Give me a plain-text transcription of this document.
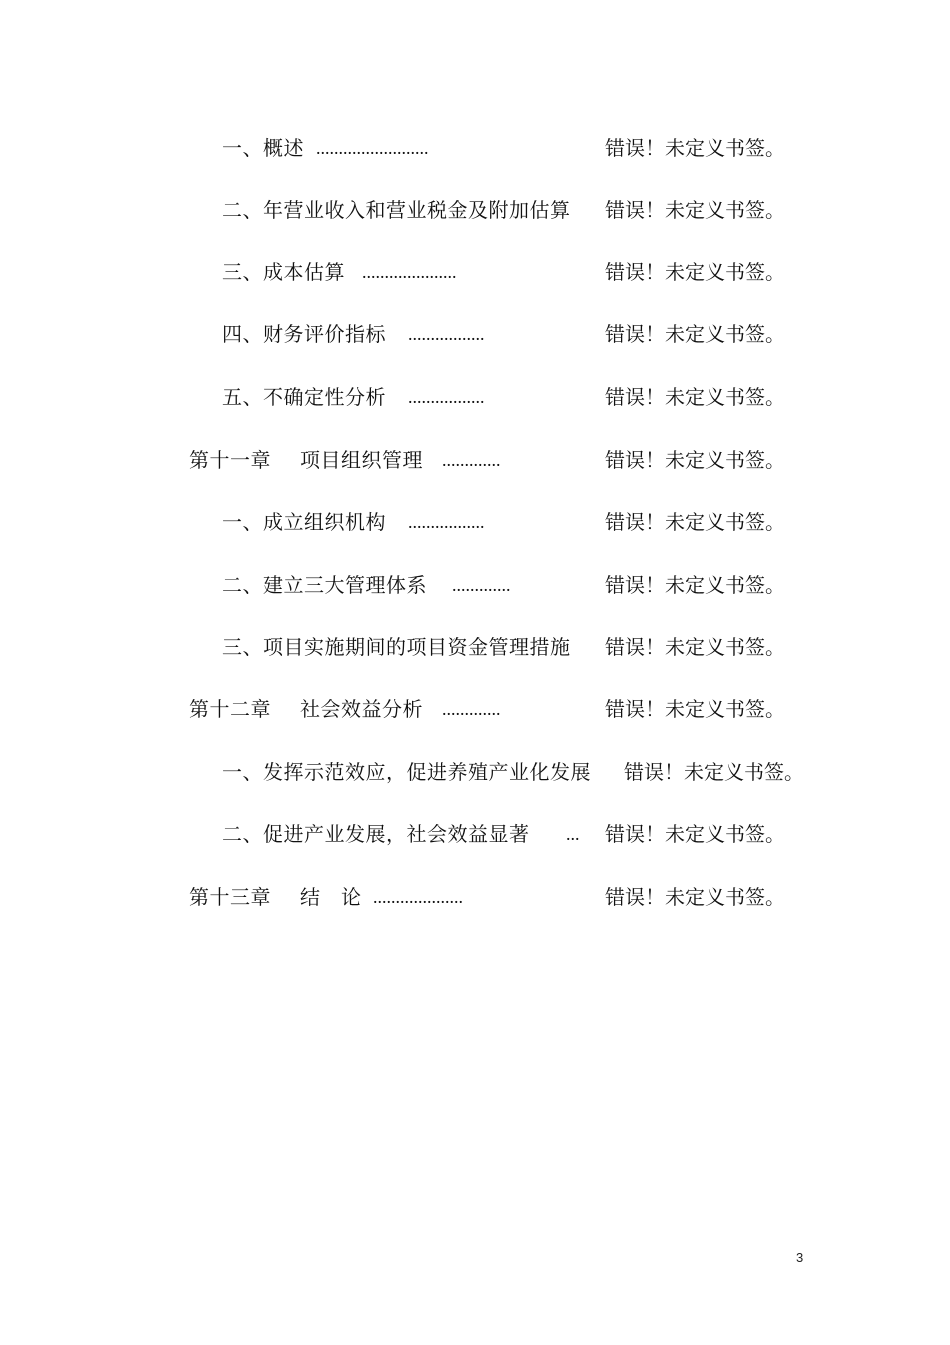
一、概述 .........................	错误！未定义书签。
二、年营业收入和营业税金及附加估算 错误！未定义书签。
三、成本估算 .....................	错误！未定义书签。
四、财务评价指标 .................	错误！未定义书签。
五、不确定性分析 .................	错误！未定义书签。
第十一章 项目组织管理 .............	错误！未定义书签。
一、成立组织机构 .................	错误！未定义书签。
二、建立三大管理体系 .............	错误！未定义书签。
三、项目实施期间的项目资金管理措施 错误！未定义书签。
第十二章 社会效益分析 .............	错误！未定义书签。
一、发挥示范效应，促进养殖产业化发展 错误！未定义书签。
二、促进产业发展，社会效益显著 ... 错误！未定义书签。
第十三章 结　论 ....................	错误！未定义书签。
3
